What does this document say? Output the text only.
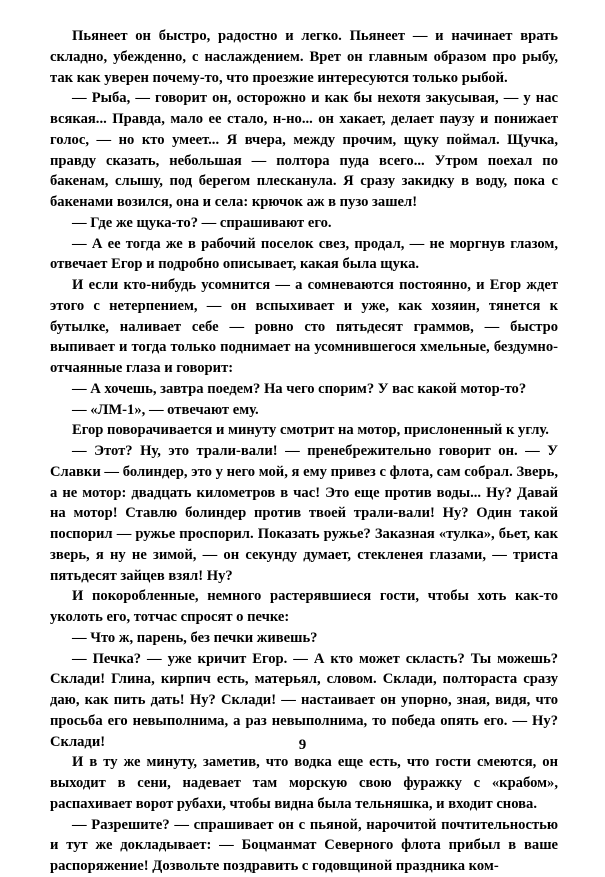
Пьянеет он быстро, радостно и легко. Пьянеет — и начинает врать складно, убежденно, с наслаждением. Врет он главным образом про рыбу, так как уверен почему-то, что проезжие интересуются только рыбой.

— Рыба, — говорит он, осторожно и как бы нехотя закусывая, — у нас всякая... Правда, мало ее стало, н-но... он хакает, делает паузу и понижает голос, — но кто умеет... Я вчера, между прочим, щуку поймал. Щучка, правду сказать, небольшая — полтора пуда всего... Утром поехал по бакенам, слышу, под берегом плесканула. Я сразу закидку в воду, пока с бакенами возился, она и села: крючок аж в пузо зашел!

— Где же щука-то? — спрашивают его.

— А ее тогда же в рабочий поселок свез, продал, — не моргнув глазом, отвечает Егор и подробно описывает, какая была щука.

И если кто-нибудь усомнится — а сомневаются постоянно, и Егор ждет этого с нетерпением, — он вспыхивает и уже, как хозяин, тянется к бутылке, наливает себе — ровно сто пятьдесят граммов, — быстро выпивает и тогда только поднимает на усомнившегося хмельные, бездумно-отчаянные глаза и говорит:

— А хочешь, завтра поедем? На чего спорим? У вас какой мотор-то?

— «ЛМ-1», — отвечают ему.

Егор поворачивается и минуту смотрит на мотор, прислоненный к углу.

— Этот? Ну, это трали-вали! — пренебрежительно говорит он. — У Славки — болиндер, это у него мой, я ему привез с флота, сам собрал. Зверь, а не мотор: двадцать километров в час! Это еще против воды... Ну? Давай на мотор! Ставлю болиндер против твоей трали-вали! Ну? Один такой поспорил — ружье проспорил. Показать ружье? Заказная «тулка», бьет, как зверь, я ну не зимой, — он секунду думает, стекленея глазами, — триста пятьдесят зайцев взял! Ну?

И покоробленные, немного растерявшиеся гости, чтобы хоть как-то уколоть его, тотчас спросят о печке:

— Что ж, парень, без печки живешь?

— Печка? — уже кричит Егор. — А кто может скласть? Ты можешь? Склади! Глина, кирпич есть, матерьял, словом. Склади, полтораста сразу даю, как пить дать! Ну? Склади! — настаивает он упорно, зная, видя, что просьба его невыполнима, а раз невыполнима, то победа опять его. — Ну? Склади!

И в ту же минуту, заметив, что водка еще есть, что гости смеются, он выходит в сени, надевает там морскую свою фуражку с «крабом», распахивает ворот рубахи, чтобы видна была тельняшка, и входит снова.

— Разрешите? — спрашивает он с пьяной, нарочитой почтительностью и тут же докладывает: — Боцманмат Северного флота прибыл в ваше распоряжение! Дозвольте поздравить с годовщиной праздника ком-

9
